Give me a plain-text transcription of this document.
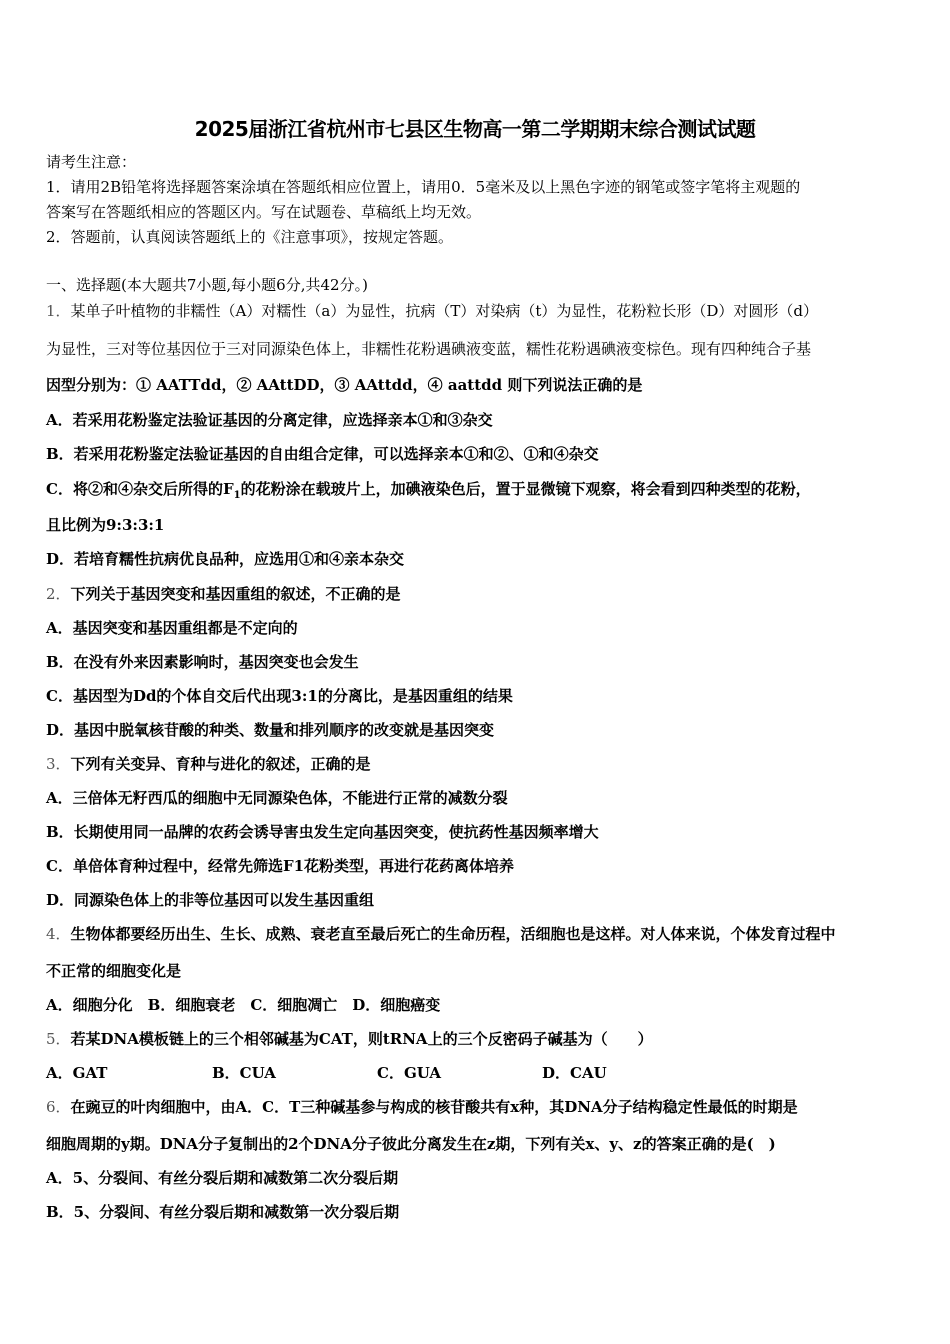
2025届浙江省杭州市七县区生物高一第二学期期末综合测试试题
请考生注意：
1．请用2B铅笔将选择题答案涂填在答题纸相应位置上，请用0．5毫米及以上黑色字迹的钢笔或签字笔将主观题的
答案写在答题纸相应的答题区内。写在试题卷、草稿纸上均无效。
2．答题前，认真阅读答题纸上的《注意事项》，按规定答题。
一、选择题(本大题共7小题,每小题6分,共42分。)
1．某单子叶植物的非糯性（A）对糯性（a）为显性，抗病（T）对染病（t）为显性，花粉粒长形（D）对圆形（d）
为显性，三对等位基因位于三对同源染色体上，非糯性花粉遇碘液变蓝，糯性花粉遇碘液变棕色。现有四种纯合子基
因型分别为：① AATTdd，② AAttDD，③ AAttdd，④ aattdd 则下列说法正确的是
A．若采用花粉鉴定法验证基因的分离定律，应选择亲本①和③杂交
B．若采用花粉鉴定法验证基因的自由组合定律，可以选择亲本①和②、①和④杂交
C．将②和④杂交后所得的$F_1$的花粉涂在载玻片上，加碘液染色后，置于显微镜下观察，将会看到四种类型的花粉，
且比例为9:3:3:1
D．若培育糯性抗病优良品种，应选用①和④亲本杂交
2．下列关于基因突变和基因重组的叙述，不正确的是
A．基因突变和基因重组都是不定向的
B．在没有外来因素影响时，基因突变也会发生
C．基因型为Dd的个体自交后代出现3:1的分离比，是基因重组的结果
D．基因中脱氧核苷酸的种类、数量和排列顺序的改变就是基因突变
3．下列有关变异、育种与进化的叙述，正确的是
A．三倍体无籽西瓜的细胞中无同源染色体，不能进行正常的减数分裂
B．长期使用同一品牌的农药会诱导害虫发生定向基因突变，使抗药性基因频率增大
C．单倍体育种过程中，经常先筛选F1花粉类型，再进行花药离体培养
D．同源染色体上的非等位基因可以发生基因重组
4．生物体都要经历出生、生长、成熟、衰老直至最后死亡的生命历程，活细胞也是这样。对人体来说，个体发育过程中
不正常的细胞变化是
A．细胞分化　B．细胞衰老　C．细胞凋亡　D．细胞癌变
5．若某DNA模板链上的三个相邻碱基为CAT，则tRNA上的三个反密码子碱基为（　　）
A．GAT	B．CUA	C．GUA	D．CAU
6．在豌豆的叶肉细胞中，由A．C．T三种碱基参与构成的核苷酸共有x种，其DNA分子结构稳定性最低的时期是
细胞周期的y期。DNA分子复制出的2个DNA分子彼此分离发生在z期，下列有关x、y、z的答案正确的是(　)
A．5、分裂间、有丝分裂后期和减数第二次分裂后期
B．5、分裂间、有丝分裂后期和减数第一次分裂后期
